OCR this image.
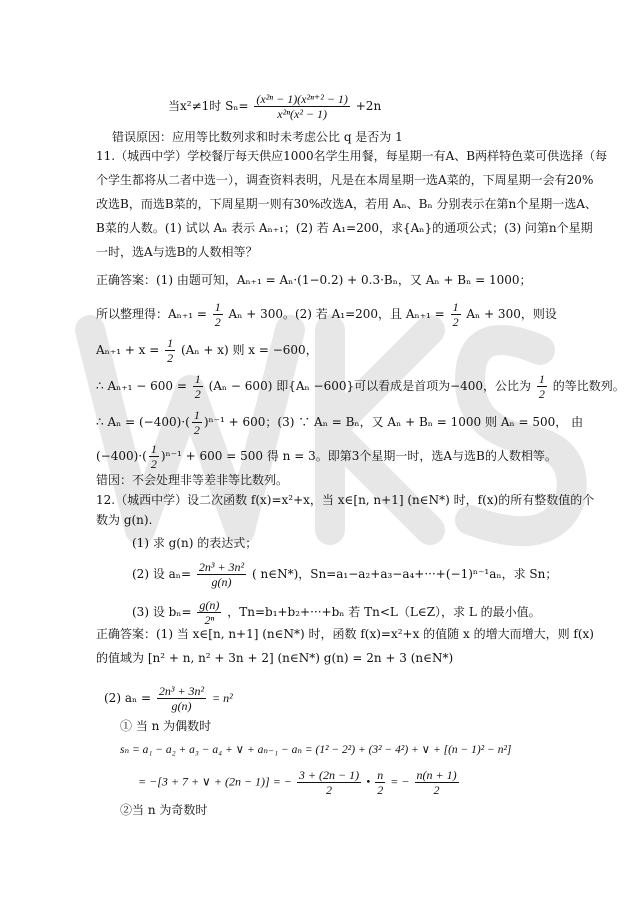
当x²≠1时 $S_n= \frac{\text{(x²ⁿ − 1)(x²ⁿ⁺² − 1)}}{\text{x²ⁿ(x² − 1)}} +2n$
错误原因：应用等比数列求和时未考虑公比 q 是否为 1
11.（城西中学）学校餐厅每天供应1000名学生用餐，每星期一有A、B两样特色菜可供选择（每
个学生都将从二者中选一），调查资料表明，凡是在本周星期一选A菜的，下周星期一会有20%
改选B，而选B菜的，下周星期一则有30%改选A，若用 Aₙ、Bₙ 分别表示在第n个星期一选A、
B菜的人数。(1) 试以 Aₙ 表示 Aₙ₊₁；(2) 若 A₁=200，求{Aₙ}的通项公式；(3) 问第n个星期
一时，选A与选B的人数相等？
正确答案：(1) 由题可知，Aₙ₊₁ = Aₙ·(1−0.2) + 0.3·Bₙ，又 Aₙ + Bₙ = 1000；
所以整理得：$A_{n+1} = \frac{1}{2}$ Aₙ + 300。(2) 若 A₁=200，且 $A_{n+1} = \frac{1}{2}$ Aₙ + 300，则设
$A_{n+1} + x = \frac{1}{2} (A_n + x)$ 则 x = −600，
∴ $A_{n+1} - 600 = \frac{1}{2} (A_n - 600)$ 即{Aₙ −600}可以看成是首项为−400，公比为 $\frac{1}{2}$ 的等比数列。
∴ $A_n = (-400)\cdot( \frac{1}{2} )^{n-1} + 600$；(3) ∵ Aₙ = Bₙ，又 Aₙ + Bₙ = 1000 则 Aₙ = 500， 由
$(-400)\cdot( \frac{1}{2} )^{n-1} + 600 = 500$ 得 n = 3。即第3个星期一时，选A与选B的人数相等。
错因：不会处理非等差非等比数列。
12.（城西中学）设二次函数 f(x)=x²+x，当 x∈[n, n+1] (n∈N*) 时，f(x)的所有整数值的个
数为 g(n).
(1) 求 g(n) 的表达式；
(2) 设 $a_n= \frac{\text{2n³ + 3n²}}{g(n)}$ ( n∈N*)，Sn=a₁−a₂+a₃−a₄+···+(−1)ⁿ⁻¹aₙ，求 Sn；
(3) 设 $b_n= \frac{g(n)}{\text{2ⁿ}}$ ，Tn=b₁+b₂+···+bₙ 若 Tn<L（L∈Z），求 L 的最小值。
正确答案：(1) 当 x∈[n, n+1] (n∈N*) 时，函数 f(x)=x²+x 的值随 x 的增大而增大，则 f(x)
的值域为 [n² + n, n² + 3n + 2] (n∈N*) g(n) = 2n + 3 (n∈N*)
(2) $a_n = \frac{\text{2n³ + 3n²}}{g(n)} = n^2$
① 当 n 为偶数时
sₙ = a₁ − a₂ + a₃ − a₄ + ∨ + aₙ₋₁ − aₙ = (1² − 2²) + (3² − 4²) + ∨ + [(n − 1)² − n²]
= −[3 + 7 + ∨ + (2n − 1)] = − $\frac{3 + (2n - 1)}{2}$ • $\frac{n}{2}$ = − $\frac{n(n + 1)}{2}$
②当 n 为奇数时
